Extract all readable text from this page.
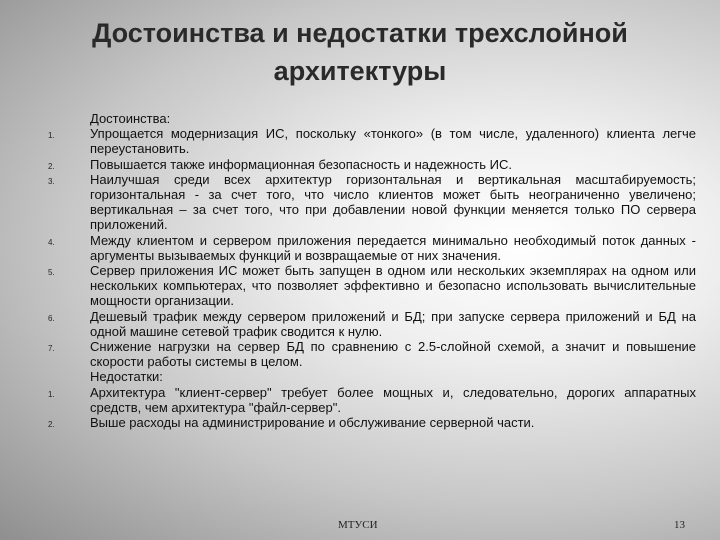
Достоинства и недостатки трехслойной архитектуры
Достоинства:
1.	Упрощается модернизация ИС, поскольку «тонкого» (в том числе, удаленного) клиента легче переустановить.
2.	Повышается также информационная безопасность и надежность ИС.
3.	Наилучшая среди всех архитектур горизонтальная и вертикальная масштабируемость; горизонтальная - за счет того, что число клиентов может быть неограниченно увеличено; вертикальная – за счет того, что при добавлении новой функции меняется только ПО сервера приложений.
4.	Между клиентом и сервером приложения передается минимально необходимый поток данных - аргументы вызываемых функций и возвращаемые от них значения.
5.	Сервер приложения ИС может быть запущен в одном или нескольких экземплярах на одном или нескольких компьютерах, что позволяет эффективно и безопасно использовать вычислительные мощности организации.
6.	Дешевый трафик между сервером приложений и БД; при запуске сервера приложений и БД на одной машине сетевой трафик сводится к нулю.
7.	Снижение нагрузки на сервер БД по сравнению с 2.5-слойной схемой, а значит и повышение скорости работы системы в целом.
Недостатки:
1.	Архитектура "клиент-сервер" требует более мощных и, следовательно, дорогих аппаратных средств, чем архитектура "файл-сервер".
2.	Выше расходы на администрирование и обслуживание серверной части.
МТУСИ	13
